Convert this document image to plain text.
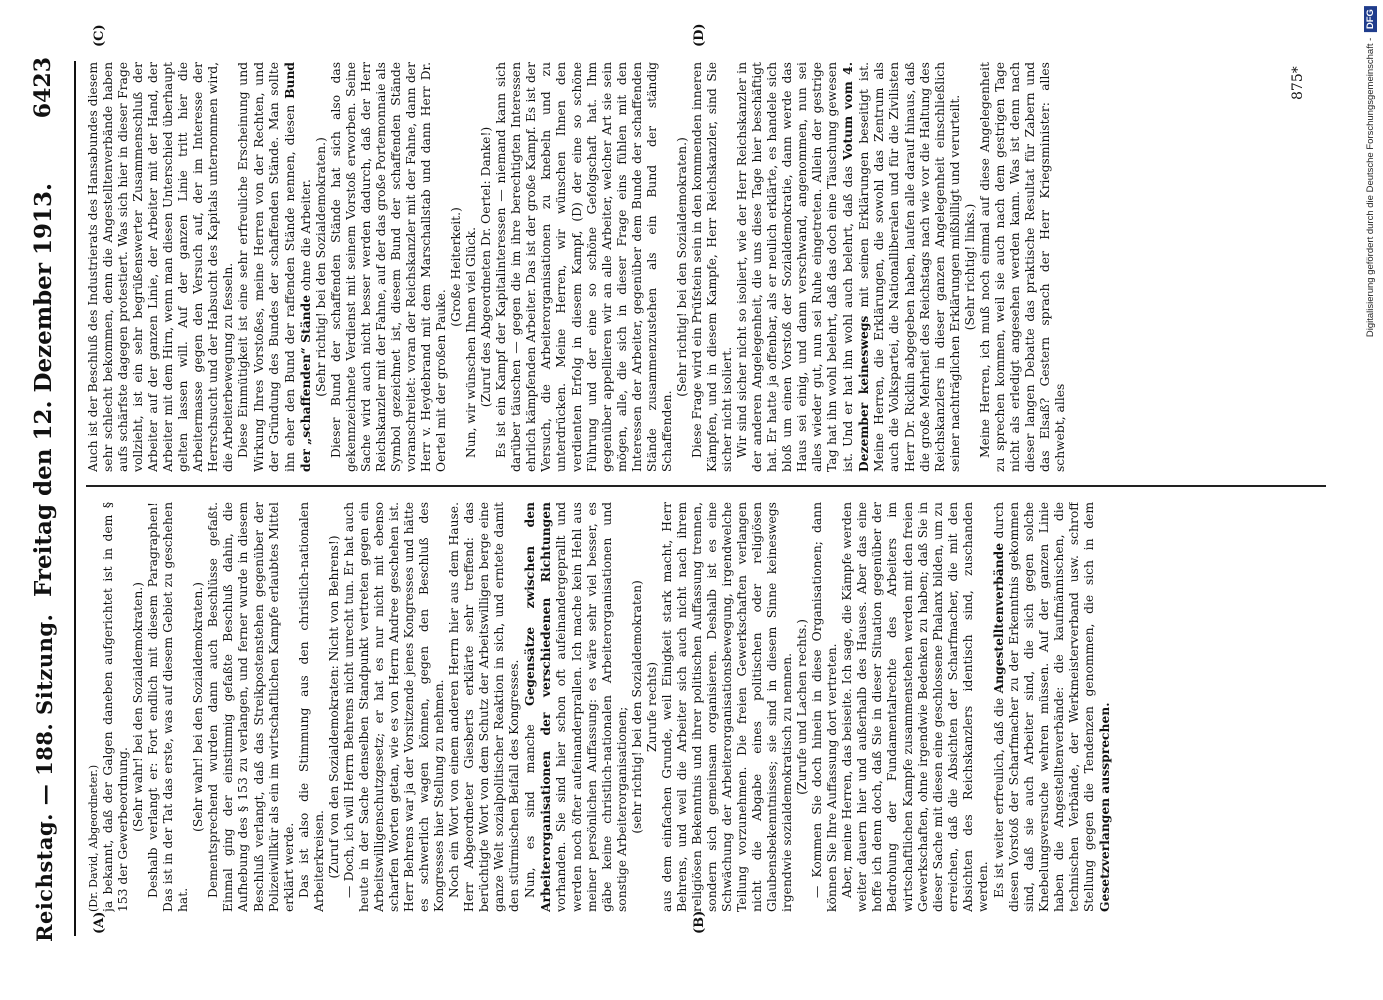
Reichstag. — 188. Sitzung.
Freitag den 12. Dezember 1913.
6423
(A)	(B)
(C)	(D)

(Dr. David, Abgeordneter.) ja bekannt, daß der Galgen daneben aufgerichtet ist in dem § 153 der Gewerbeordnung. (Sehr wahr! bei den Sozialdemokraten.) Deshalb verlangt er: Fort endlich mit diesem Paragraphen! Das ist in der Tat das erste, was auf diesem Gebiet zu geschehen hat.

(Sehr wahr! bei den Sozialdemokraten.) Dementsprechend wurden dann auch Beschlüsse gefaßt. Einmal ging der einstimmig gefaßte Beschluß dahin, die Aufhebung des § 153 zu verlangen, und ferner wurde in diesem Beschluß verlangt, daß das Streikpostenstehen gegenüber der Polizeiwillkür als ein im wirtschaftlichen Kampfe erlaubtes Mittel erklärt werde. Das ist also die Stimmung aus den christlich-nationalen Arbeiterkreisen. (Zuruf von den Sozialdemokraten: Nicht von Behrens!) — Doch, ich will Herrn Behrens nicht unrecht tun. Er hat auch heute in der Sache denselben Standpunkt vertreten gegen ein Arbeitswilligenschutzgesetz; er hat es nur nicht mit ebenso scharfen Worten getan, wie es von Herrn Andree geschehen ist. Herr Behrens war ja der Vorsitzende jenes Kongresses und hätte es schwerlich wagen können, gegen den Beschluß des Kongresses hier Stellung zu nehmen. Noch ein Wort von einem anderen Herrn hier aus dem Hause. Herr Abgeordneter Giesberts erklärte sehr treffend: das berüchtigte Wort von dem Schutz der Arbeitswilligen berge eine ganze Welt sozialpolitischer Reaktion in sich, und erntete damit den stürmischen Beifall des Kongresses. Nun, es sind manche Gegensätze zwischen den Arbeiterorganisationen der verschiedenen Richtungen vorhanden. Sie sind hier schon oft aufeinandergeprallt und werden noch öfter aufeinanderprallen. Ich mache kein Hehl aus meiner persönlichen Auffassung: es wäre sehr viel besser, es gäbe keine christlich-nationalen Arbeiterorganisationen und sonstige Arbeiterorganisationen; (sehr richtig! bei den Sozialdemokraten) Zurufe rechts) aus dem einfachen Grunde, weil Einigkeit stark macht, Herr Behrens, und weil die Arbeiter sich auch nicht nach ihrem religiösen Bekenntnis und ihrer politischen Auffassung trennen, sondern sich gemeinsam organisieren. Deshalb ist es eine Schwächung der Arbeiterorganisationsbewegung, irgendwelche Teilung vorzunehmen. Die freien Gewerkschaften verlangen nicht die Abgabe eines politischen oder religiösen Glaubensbekenntnisses; sie sind in diesem Sinne keineswegs irgendwie sozialdemokratisch zu nennen. (Zurufe und Lachen rechts.) — Kommen Sie doch hinein in diese Organisationen; dann können Sie Ihre Auffassung dort vertreten. Aber, meine Herren, das beiseite. Ich sage, die Kämpfe werden weiter dauern hier und außerhalb des Hauses. Aber das eine hoffe ich denn doch, daß Sie in dieser Situation gegenüber der Bedrohung der Fundamentalrechte des Arbeiters im wirtschaftlichen Kampfe zusammenstehen werden mit den freien Gewerkschaften, ohne irgendwie Bedenken zu haben; daß Sie in dieser Sache mit diesen eine geschlossene Phalanx bilden, um zu erreichen, daß die Absichten der Scharfmacher, die mit den Absichten des Reichskanzlers identisch sind, zuschanden werden. Es ist weiter erfreulich, daß die Angestelltenverbände durch diesen Vorstoß der Scharfmacher zu der Erkenntnis gekommen sind, daß sie auch Arbeiter sind, die sich gegen solche Knebelungsversuche wehren müssen. Auf der ganzen Linie haben die Angestelltenverbände: die kaufmännischen, die technischen Verbände, der Werkmeisterverband usw. schroff Stellung gegen die Tendenzen genommen, die sich in dem Gesetzverlangen aussprechen.

Auch ist der Beschluß des Industrierats des Hansabundes diesem sehr schlecht bekommen, denn die Angestelltenverbände haben aufs schärfste dagegen protestiert. Was sich hier in dieser Frage vollzieht, ist ein sehr begrüßenswerter Zusammenschluß der Arbeiter auf der ganzen Linie, der Arbeiter mit der Hand, der Arbeiter mit dem Hirn, wenn man diesen Unterschied überhaupt gelten lassen will. Auf der ganzen Linie tritt hier die Arbeitermasse gegen den Versuch auf, der im Interesse der Herrschsucht und der Habsucht des Kapitals unternommen wird, die Arbeiterbewegung zu fesseln. Diese Einmütigkeit ist eine sehr erfreuliche Erscheinung und Wirkung Ihres Vorstoßes, meine Herren von der Rechten, und der Gründung des Bundes der schaffenden Stände. Man sollte ihn eher den Bund der raffenden Stände nennen, diesen Bund der „schaffenden“ Stände ohne die Arbeiter. (Sehr richtig! bei den Sozialdemokraten.) Dieser Bund der schaffenden Stände hat sich also das gekennzeichnete Verdienst mit seinem Vorstoß erworben. Seine Sache wird auch nicht besser werden dadurch, daß der Herr Reichskanzler mit der Fahne, auf der das große Portemonnaie als Symbol gezeichnet ist, diesem Bund der schaffenden Stände voranschreitet: voran der Reichskanzler mit der Fahne, dann der Herr v. Heydebrand mit dem Marschallstab und dann Herr Dr. Oertel mit der großen Pauke.

(Große Heiterkeit.) Nun, wir wünschen Ihnen viel Glück. (Zuruf des Abgeordneten Dr. Oertel: Danke!) Es ist ein Kampf der Kapitalinteressen — niemand kann sich darüber täuschen — gegen die im ihre berechtigten Interessen ehrlich kämpfenden Arbeiter. Das ist der große Kampf. Es ist der Versuch, die Arbeiterorganisationen zu knebeln und zu unterdrücken. Meine Herren, wir wünschen Ihnen den verdienten Erfolg in diesem Kampf, (D) der eine so schöne Führung und der eine so schöne Gefolgschaft hat. Ihm gegenüber appellieren wir an alle Arbeiter, welcher Art sie sein mögen, alle, die sich in dieser Frage eins fühlen mit den Interessen der Arbeiter, gegenüber dem Bunde der schaffenden Stände zusammenzustehen als ein Bund der ständig Schaffenden.

(Sehr richtig! bei den Sozialdemokraten.) Diese Frage wird ein Prüfstein sein in den kommenden inneren Kämpfen, und in diesem Kampfe, Herr Reichskanzler, sind Sie sicher nicht isoliert. Wir sind sicher nicht so isoliert, wie der Herr Reichskanzler in der anderen Angelegenheit, die uns diese Tage hier beschäftigt hat. Er hatte ja offenbar, als er neulich erklärte, es handele sich bloß um einen Vorstoß der Sozialdemokratie, dann werde das Haus sei einig, und dann verschwand, angenommen, nun sei alles wieder gut, nun sei Ruhe eingetreten. Allein der gestrige Tag hat ihn wohl belehrt, daß das doch eine Täuschung gewesen ist. Und er hat ihn wohl auch belehrt, daß das Votum vom 4. Dezember keineswegs mit seinen Erklärungen beseitigt ist. Meine Herren, die Erklärungen, die sowohl das Zentrum als auch die Volkspartei, die Nationalliberalen und für die Zivilisten Herr Dr. Ricklin abgegeben haben, laufen alle darauf hinaus, daß die große Mehrheit des Reichstags nach wie vor die Haltung des Reichskanzlers in dieser ganzen Angelegenheit einschließlich seiner nachträglichen Erklärungen mißbilligt und verurteilt. (Sehr richtig! links.) Meine Herren, ich muß noch einmal auf diese Angelegenheit zu sprechen kommen, weil sie auch nach dem gestrigen Tage nicht als erledigt angesehen werden kann. Was ist denn nach dieser langen Debatte das praktische Resultat für Zabern und das Elsaß? Gestern sprach der Herr Kriegsminister: alles schwebt, alles

875*	Digitalisierung gefördert durch die Deutsche Forschungsgemeinschaft - DFG
